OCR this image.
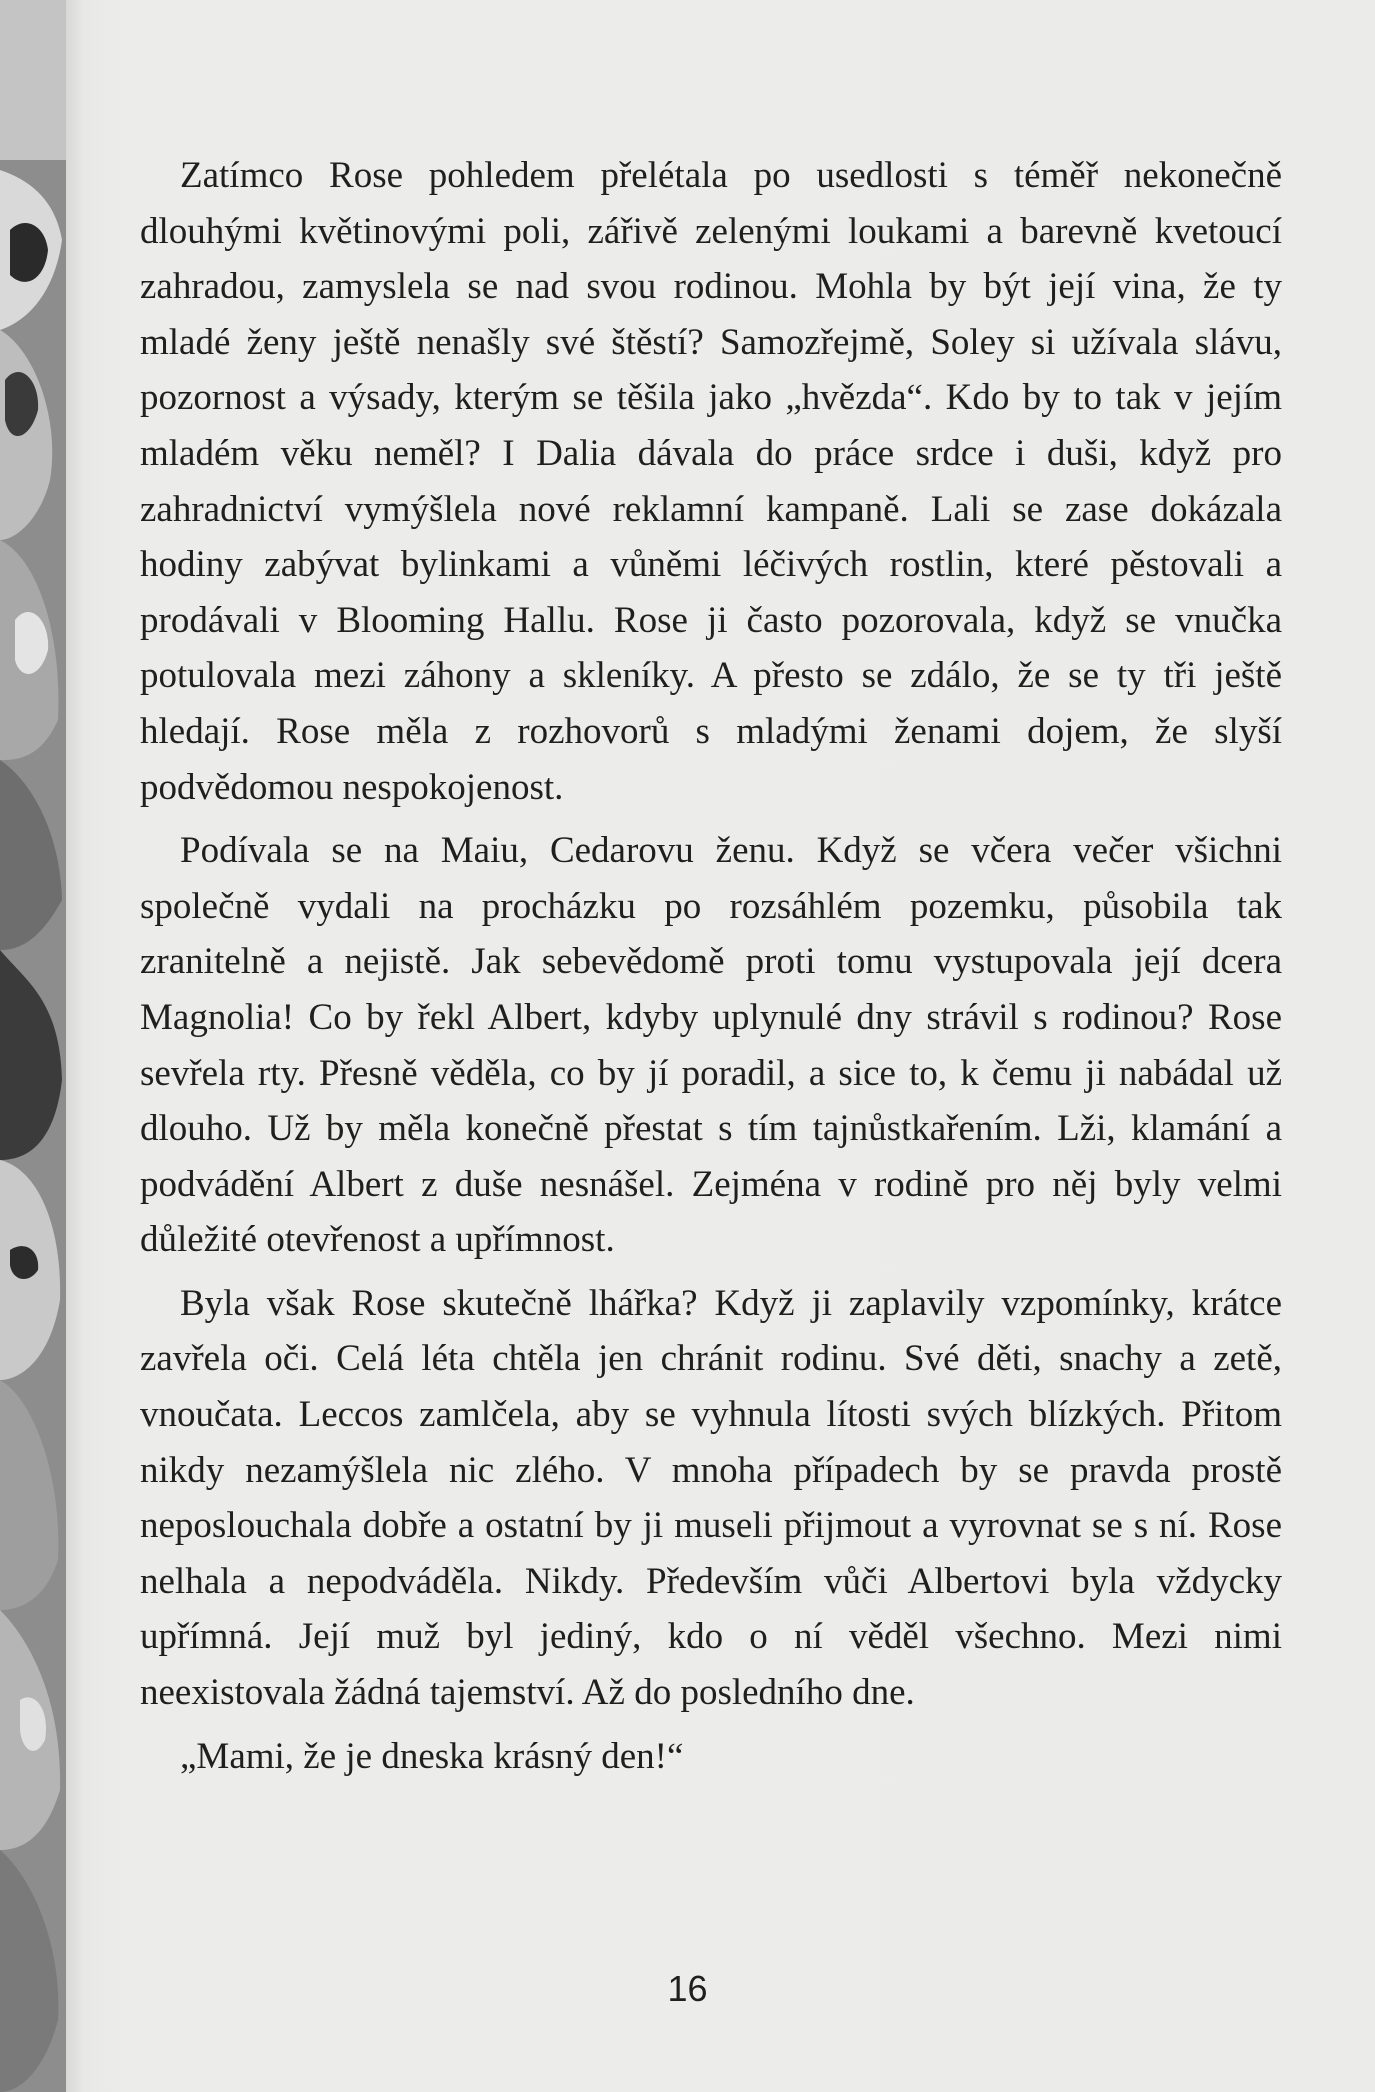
Zatímco Rose pohledem přelétala po usedlosti s téměř nekonečně dlouhými květinovými poli, zářivě zelenými loukami a barevně kvetoucí zahradou, zamyslela se nad svou rodinou. Mohla by být její vina, že ty mladé ženy ještě nenašly své štěstí? Samozřejmě, Soley si užívala slávu, pozornost a výsady, kterým se těšila jako „hvězda“. Kdo by to tak v jejím mladém věku neměl? I Dalia dávala do práce srdce i duši, když pro zahradnictví vymýšlela nové reklamní kampaně. Lali se zase dokázala hodiny zabývat bylinkami a vůněmi léčivých rostlin, které pěstovali a prodávali v Blooming Hallu. Rose ji často pozorovala, když se vnučka potulovala mezi záhony a skleníky. A přesto se zdálo, že se ty tři ještě hledají. Rose měla z rozhovorů s mladými ženami dojem, že slyší podvědomou nespokojenost.

Podívala se na Maiu, Cedarovu ženu. Když se včera večer všichni společně vydali na procházku po rozsáhlém pozemku, působila tak zranitelně a nejistě. Jak sebevědomě proti tomu vystupovala její dcera Magnolia! Co by řekl Albert, kdyby uplynulé dny strávil s rodinou? Rose sevřela rty. Přesně věděla, co by jí poradil, a sice to, k čemu ji nabádal už dlouho. Už by měla konečně přestat s tím tajnůstkařením. Lži, klamání a podvádění Albert z duše nesnášel. Zejména v rodině pro něj byly velmi důležité otevřenost a upřímnost.

Byla však Rose skutečně lhářka? Když ji zaplavily vzpomínky, krátce zavřela oči. Celá léta chtěla jen chránit rodinu. Své děti, snachy a zetě, vnoučata. Leccos zamlčela, aby se vyhnula lítosti svých blízkých. Přitom nikdy nezamýšlela nic zlého. V mnoha případech by se pravda prostě neposlouchala dobře a ostatní by ji museli přijmout a vyrovnat se s ní. Rose nelhala a nepodváděla. Nikdy. Především vůči Albertovi byla vždycky upřímná. Její muž byl jediný, kdo o ní věděl všechno. Mezi nimi neexistovala žádná tajemství. Až do posledního dne.

„Mami, že je dneska krásný den!“

16
